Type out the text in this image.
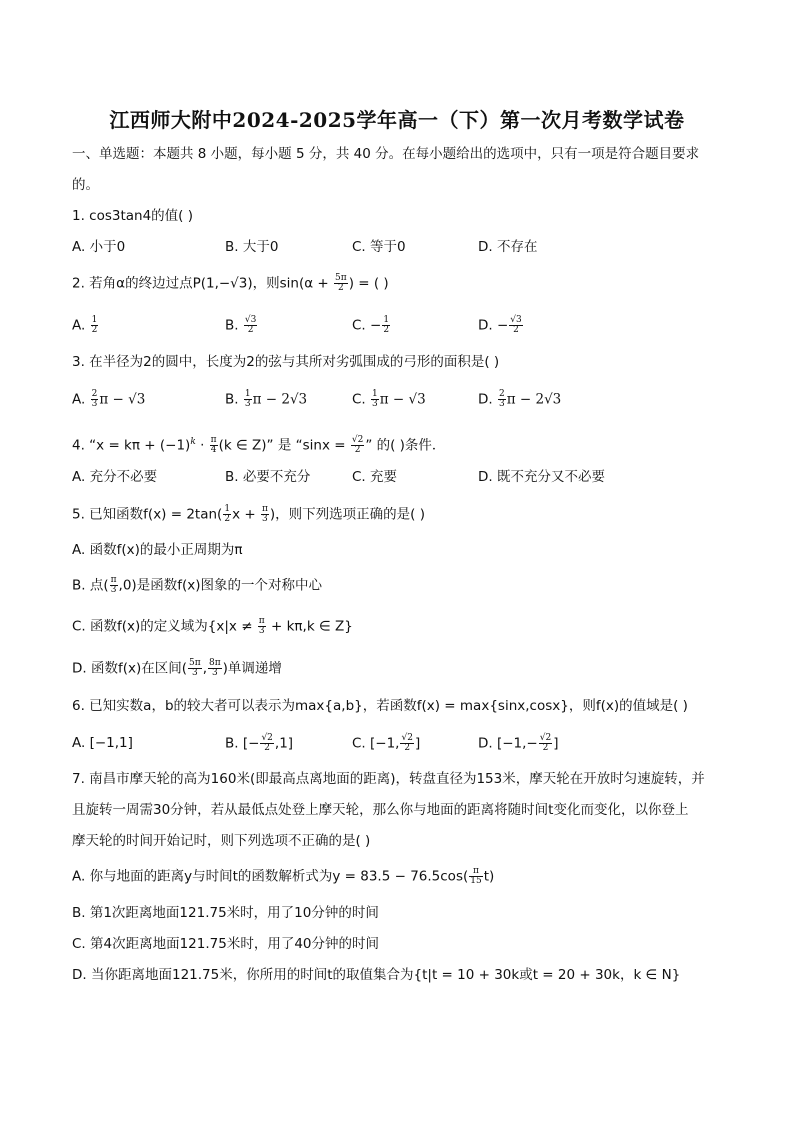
江西师大附中2024-2025学年高一（下）第一次月考数学试卷
一、单选题：本题共 8 小题，每小题 5 分，共 40 分。在每小题给出的选项中，只有一项是符合题目要求
的。
1. cos3tan4的值( )
A. 小于0	B. 大于0	C. 等于0	D. 不存在
2. 若角α的终边过点P(1,−√3)，则$\sin(\alpha + \frac{5\pi}{2}$ ) = ( )
A. $\frac{1}{2}$	B. $\frac{√3}{2}$	C. − $\frac{1}{2}$	D. − $\frac{√3}{2}$
3. 在半径为2的圆中，长度为2的弦与其所对劣弧围成的弓形的面积是( )
A. $\frac{2}{3}$ π − √3	B. $\frac{1}{3}$ π − 2√3	C. $\frac{1}{3}$ π − √3	D. $\frac{2}{3}$ π − 2√3
4. “$x = k\pi + (-1)^k \cdot \frac{\pi}{4} (k$ ∈ Z)” 是 “$\sin x = \frac{√2}{2}$ ” 的( )条件．
A. 充分不必要	B. 必要不充分	C. 充要	D. 既不充分又不必要
5. 已知函数$f(x) = 2\tan( \frac{1}{2}$ $x + \frac{\pi}{3}$ )，则下列选项正确的是( )
A. 函数f(x)的最小正周期为π
B. 点( $\frac{\pi}{3} ,0$)是函数f(x)图象的一个对称中心
C. 函数f(x)的定义域为{$x|x \ne \frac{\pi}{3} + k\pi,k$ ∈ Z}
D. 函数f(x)在区间( $\frac{5\pi}{3}$ , $\frac{8\pi}{3}$ )单调递增
6. 已知实数a，b的较大者可以表示为max{a,b}，若函数f(x) = max{sinx,cosx}，则f(x)的值域是( )
A. [−1,1]	B. [− $\frac{√2}{2} ,1$]	C. [−1, $\frac{√2}{2}$ ]	D. [$-1,- \frac{√2}{2}$ ]
7. 南昌市摩天轮的高为160米(即最高点离地面的距离)，转盘直径为153米，摩天轮在开放时匀速旋转，并
且旋转一周需30分钟，若从最低点处登上摩天轮，那么你与地面的距离将随时间t变化而变化，以你登上
摩天轮的时间开始记时，则下列选项不正确的是( )
A. 你与地面的距离y与时间t的函数解析式为$y = 83.5 - 76.5\cos( \frac{\pi}{15} t)$
B. 第1次距离地面121.75米时，用了10分钟的时间
C. 第4次距离地面121.75米时，用了40分钟的时间
D. 当你距离地面121.75米，你所用的时间t的取值集合为{t|t = 10 + 30k或t = 20 + 30k，k ∈ N}
